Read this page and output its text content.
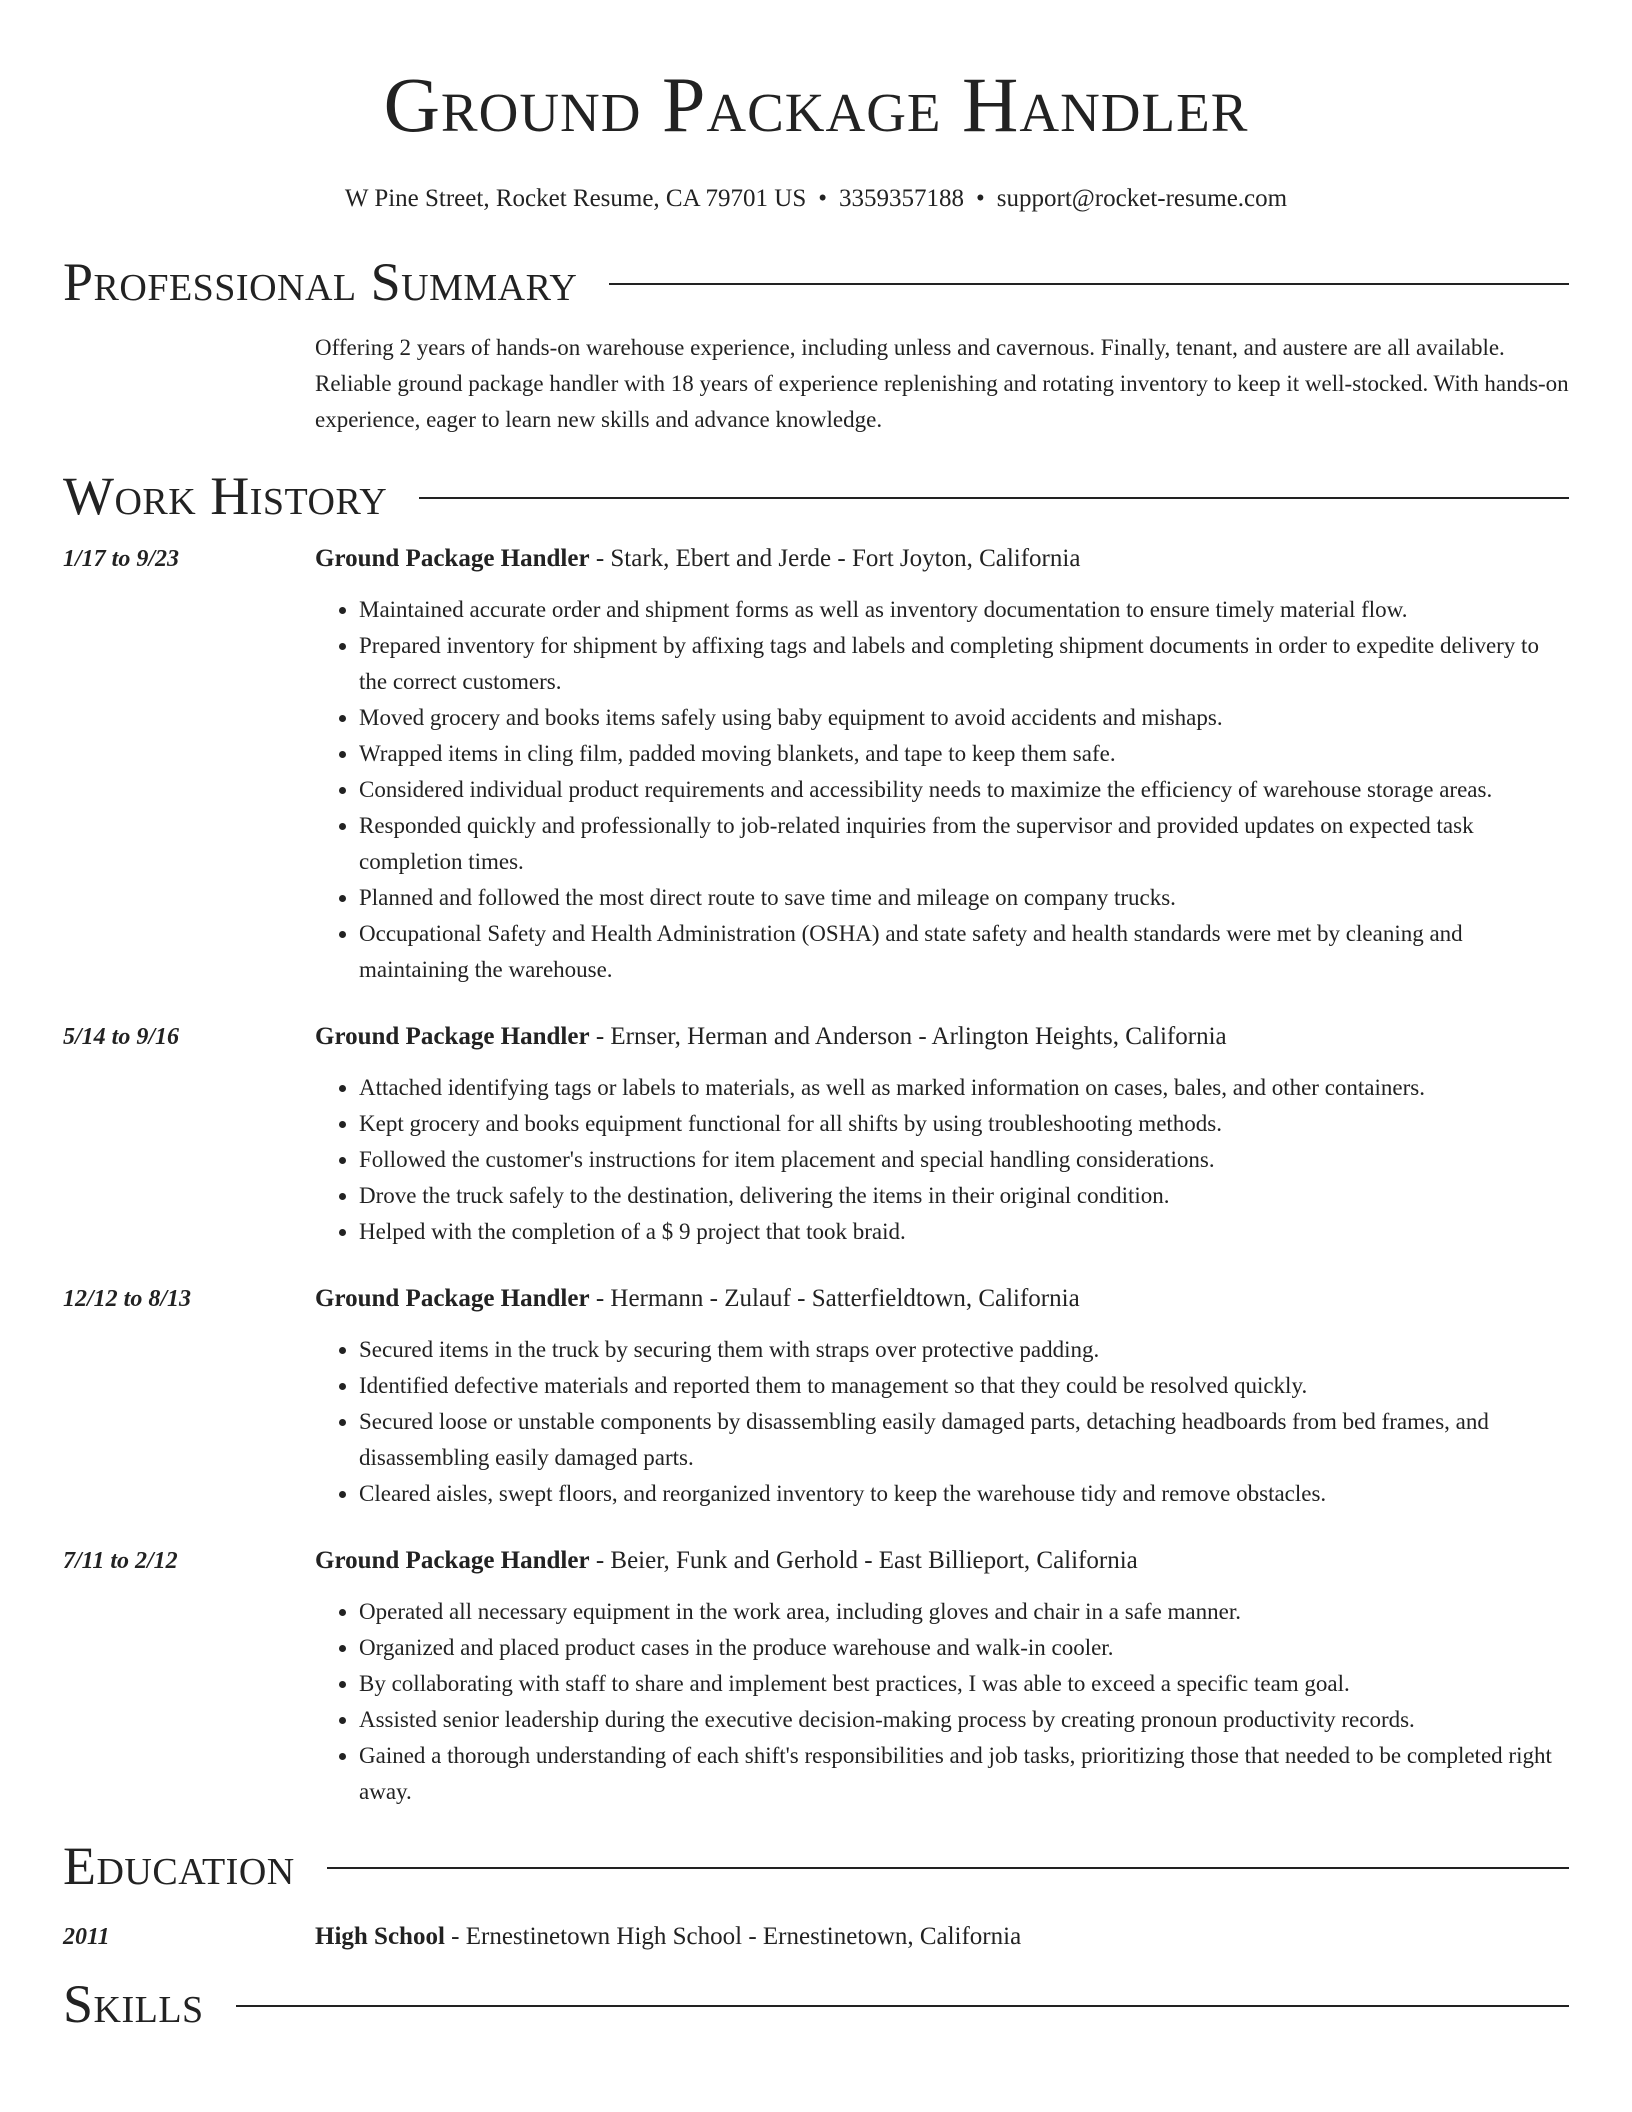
Ground Package Handler
W Pine Street, Rocket Resume, CA 79701 US • 3359357188 • support@rocket-resume.com
Professional Summary
Offering 2 years of hands-on warehouse experience, including unless and cavernous. Finally, tenant, and austere are all available. Reliable ground package handler with 18 years of experience replenishing and rotating inventory to keep it well-stocked. With hands-on experience, eager to learn new skills and advance knowledge.
Work History
1/17 to 9/23	Ground Package Handler - Stark, Ebert and Jerde - Fort Joyton, California
• Maintained accurate order and shipment forms as well as inventory documentation to ensure timely material flow.
• Prepared inventory for shipment by affixing tags and labels and completing shipment documents in order to expedite delivery to the correct customers.
• Moved grocery and books items safely using baby equipment to avoid accidents and mishaps.
• Wrapped items in cling film, padded moving blankets, and tape to keep them safe.
• Considered individual product requirements and accessibility needs to maximize the efficiency of warehouse storage areas.
• Responded quickly and professionally to job-related inquiries from the supervisor and provided updates on expected task completion times.
• Planned and followed the most direct route to save time and mileage on company trucks.
• Occupational Safety and Health Administration (OSHA) and state safety and health standards were met by cleaning and maintaining the warehouse.
5/14 to 9/16	Ground Package Handler - Ernser, Herman and Anderson - Arlington Heights, California
• Attached identifying tags or labels to materials, as well as marked information on cases, bales, and other containers.
• Kept grocery and books equipment functional for all shifts by using troubleshooting methods.
• Followed the customer's instructions for item placement and special handling considerations.
• Drove the truck safely to the destination, delivering the items in their original condition.
• Helped with the completion of a $ 9 project that took braid.
12/12 to 8/13	Ground Package Handler - Hermann - Zulauf - Satterfieldtown, California
• Secured items in the truck by securing them with straps over protective padding.
• Identified defective materials and reported them to management so that they could be resolved quickly.
• Secured loose or unstable components by disassembling easily damaged parts, detaching headboards from bed frames, and disassembling easily damaged parts.
• Cleared aisles, swept floors, and reorganized inventory to keep the warehouse tidy and remove obstacles.
7/11 to 2/12	Ground Package Handler - Beier, Funk and Gerhold - East Billieport, California
• Operated all necessary equipment in the work area, including gloves and chair in a safe manner.
• Organized and placed product cases in the produce warehouse and walk-in cooler.
• By collaborating with staff to share and implement best practices, I was able to exceed a specific team goal.
• Assisted senior leadership during the executive decision-making process by creating pronoun productivity records.
• Gained a thorough understanding of each shift's responsibilities and job tasks, prioritizing those that needed to be completed right away.
Education
2011	High School - Ernestinetown High School - Ernestinetown, California
Skills
